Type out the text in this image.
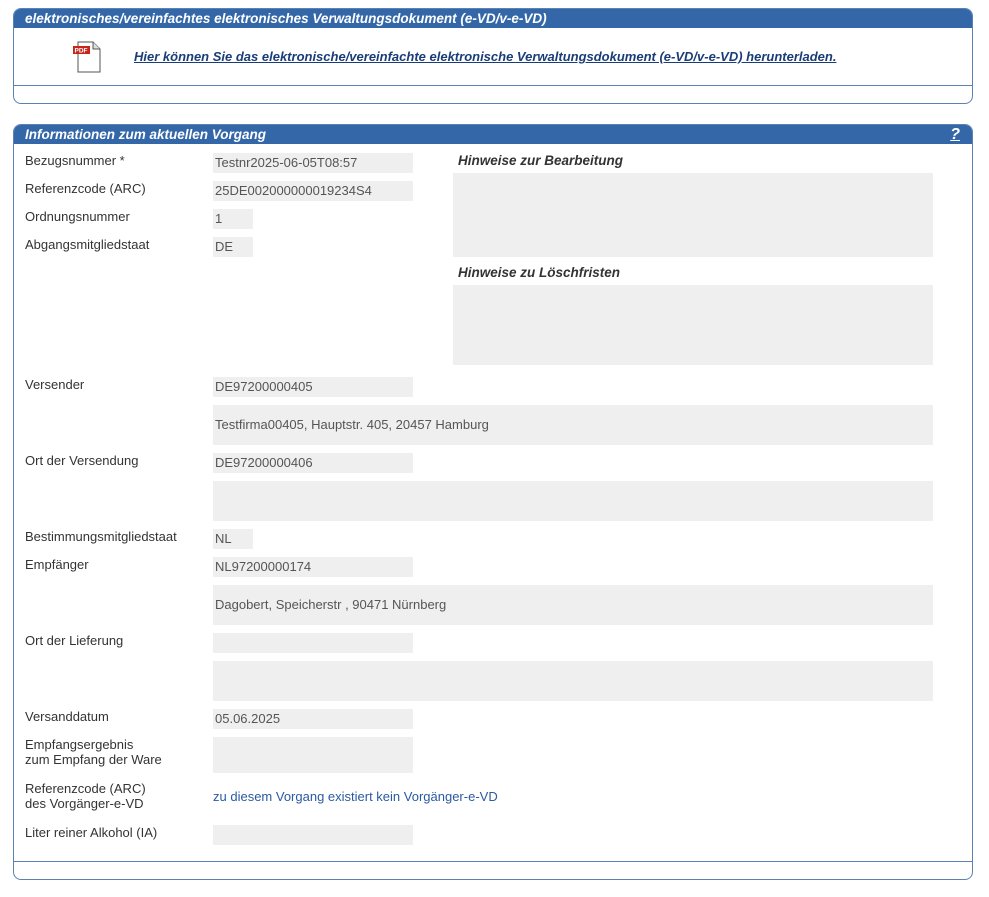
elektronisches/vereinfachtes elektronisches Verwaltungsdokument (e-VD/v-e-VD)
PDF	Hier können Sie das elektronische/vereinfachte elektronische Verwaltungsdokument (e-VD/v-e-VD) herunterladen.
Informationen zum aktuellen Vorgang	?
Bezugsnummer *	Testnr2025-06-05T08:57
Referenzcode (ARC)	25DE002000000019234S4
Ordnungsnummer	1
Abgangsmitgliedstaat	DE
Hinweise zur Bearbeitung
Hinweise zu Löschfristen
Versender	DE97200000405
Testfirma00405, Hauptstr. 405, 20457 Hamburg
Ort der Versendung	DE97200000406
Bestimmungsmitgliedstaat	NL
Empfänger	NL97200000174
Dagobert, Speicherstr , 90471 Nürnberg
Ort der Lieferung
Versanddatum	05.06.2025
Empfangsergebnis
zum Empfang der Ware
Referenzcode (ARC)
des Vorgänger-e-VD	zu diesem Vorgang existiert kein Vorgänger-e-VD
Liter reiner Alkohol (IA)
